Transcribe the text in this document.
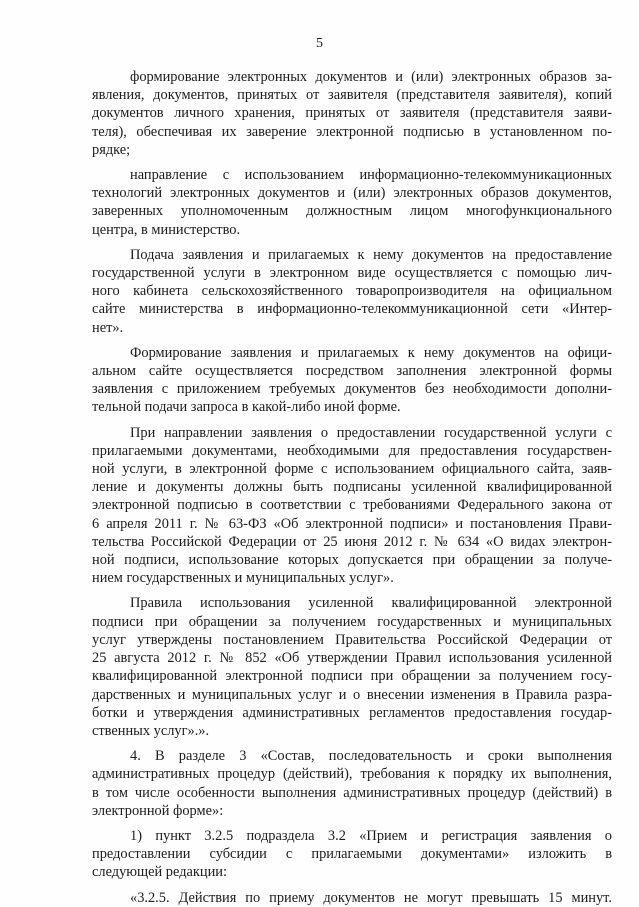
5

формирование электронных документов и (или) электронных образов за-
явления, документов, принятых от заявителя (представителя заявителя), копий
документов личного хранения, принятых от заявителя (представителя заяви-
теля), обеспечивая их заверение электронной подписью в установленном по-
рядке;

направление с использованием информационно-телекоммуникационных
технологий электронных документов и (или) электронных образов документов,
заверенных уполномоченным должностным лицом многофункционального
центра, в министерство.

Подача заявления и прилагаемых к нему документов на предоставление
государственной услуги в электронном виде осуществляется с помощью лич-
ного кабинета сельскохозяйственного товаропроизводителя на официальном
сайте министерства в информационно-телекоммуникационной сети «Интер-
нет».

Формирование заявления и прилагаемых к нему документов на офици-
альном сайте осуществляется посредством заполнения электронной формы
заявления с приложением требуемых документов без необходимости дополни-
тельной подачи запроса в какой-либо иной форме.

При направлении заявления о предоставлении государственной услуги с
прилагаемыми документами, необходимыми для предоставления государствен-
ной услуги, в электронной форме с использованием официального сайта, заяв-
ление и документы должны быть подписаны усиленной квалифицированной
электронной подписью в соответствии с требованиями Федерального закона от
6 апреля 2011 г. № 63-ФЗ «Об электронной подписи» и постановления Прави-
тельства Российской Федерации от 25 июня 2012 г. № 634 «О видах электрон-
ной подписи, использование которых допускается при обращении за получе-
нием государственных и муниципальных услуг».

Правила использования усиленной квалифицированной электронной
подписи при обращении за получением государственных и муниципальных
услуг утверждены постановлением Правительства Российской Федерации от
25 августа 2012 г. № 852 «Об утверждении Правил использования усиленной
квалифицированной электронной подписи при обращении за получением госу-
дарственных и муниципальных услуг и о внесении изменения в Правила разра-
ботки и утверждения административных регламентов предоставления государ-
ственных услуг».».

4. В разделе 3 «Состав, последовательность и сроки выполнения
административных процедур (действий), требования к порядку их выполнения,
в том числе особенности выполнения административных процедур (действий) в
электронной форме»:

1) пункт 3.2.5 подраздела 3.2 «Прием и регистрация заявления о
предоставлении субсидии с прилагаемыми документами» изложить в
следующей редакции:

«3.2.5. Действия по приему документов не могут превышать 15 минут.
